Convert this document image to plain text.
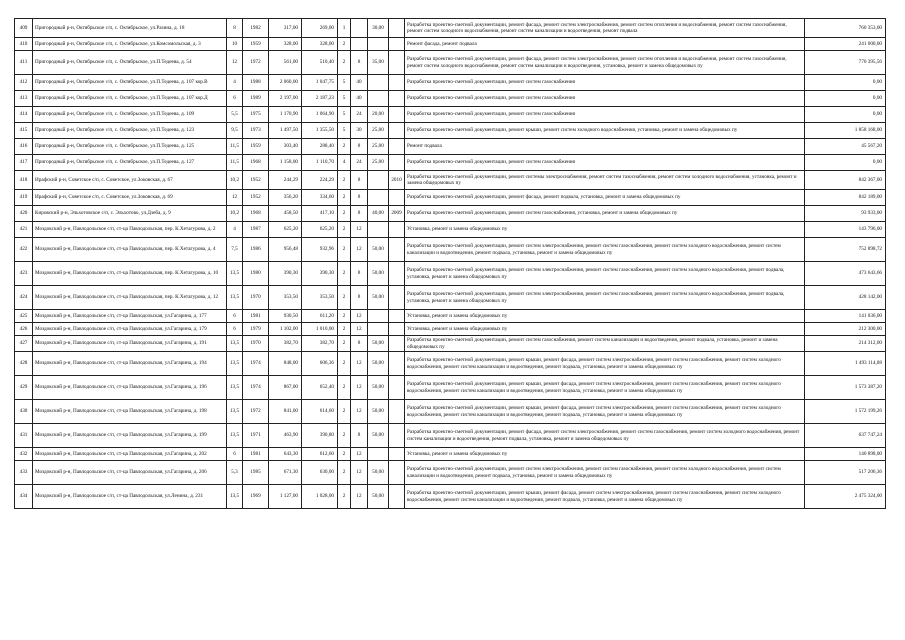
409	Пригородный р-н, Октябрьское с/п, с. Октябрьское, ул.Разина, д. 18	8	1982	317,00	269,00	1		30,00		Разработка проектно-сметной документации, ремонт фасада, ремонт систем электроснабжения, ремонт систем отопления и водоснабжения, ремонт систем газоснабжения, ремонт систем холодного водоснабжения, ремонт систем канализации и водоотведения, ремонт подвала	760 353,00
410	Пригородный р-н, Октябрьское с/п, с. Октябрьское, ул.Комсомольская, д. 3	10	1959	328,00	328,00	2				Ремонт фасада, ремонт подвала	241 000,00
411	Пригородный р-н, Октябрьское с/п, с. Октябрьское, ул.П.Тедеева, д. 54	12	1972	561,00	510,40	2	8	35,00		Разработка проектно-сметной документации, ремонт фасада, ремонт систем электроснабжения, ремонт систем отопления и водоснабжения, ремонт систем газоснабжения, ремонт систем холодного водоснабжения, ремонт систем канализации и водоотведения, установка, ремонт и замена общедомовых пу	770 395,56
412	Пригородный р-н, Октябрьское с/п, с. Октябрьское, ул.П.Тедеева, д. 107 кор.В	4	1988	2 060,00	1 047,75	5	40			Разработка проектно-сметной документации, ремонт систем газоснабжения	0,00
413	Пригородный р-н, Октябрьское с/п, с. Октябрьское, ул.П.Тедеева, д. 107 кор.Д	6	1989	2 197,00	2 187,23	5	40			Разработка проектно-сметной документации, ремонт систем газоснабжения	0,00
414	Пригородный р-н, Октябрьское с/п, с. Октябрьское, ул.П.Тедеева, д. 109	5,5	1975	1 170,90	1 064,90	5	24	20,00		Разработка проектно-сметной документации, ремонт систем газоснабжения	0,00
415	Пригородный р-н, Октябрьское с/п, с. Октябрьское, ул.П.Тедеева, д. 123	9,5	1973	1 497,50	1 355,50	5	30	25,00		Разработка проектно-сметной документации, ремонт крыши, ремонт систем холодного водоснабжения, установка, ремонт и замена общедомовых пу	1 858 168,00
416	Пригородный р-н, Октябрьское с/п, с. Октябрьское, ул.П.Тедеева, д. 125	11,5	1959	303,40	288,40	2	8	25,00		Ремонт подвала	45 567,20
417	Пригородный р-н, Октябрьское с/п, с. Октябрьское, ул.П.Тедеева, д. 127	11,5	1968	1 158,00	1 110,70	4	24	25,00		Разработка проектно-сметной документации, ремонт систем газоснабжения	0,00
418	Ирафский р-н, Советское с/п, с. Советское, ул.Зоковская, д. 67	10,2	1952	244,29	224,29	2	8		2010	Разработка проектно-сметной документации, ремонт системы электроснабжения, ремонт систем газоснабжения, ремонт систем холодного водоснабжения, установка, ремонт и замена общедомовых пу	842 367,00
419	Ирафский р-н, Советское с/п, с. Советское, ул.Зоковская, д. 69	12	1952	356,20	334,60	2	8			Разработка проектно-сметной документации, ремонт фасада, ремонт подвала, установка, ремонт и замена общедомовых пу	842 189,00
420	Кировский р-н, Эльхотовское с/п, с. Эльхотово, ул.Дзеба, д. 9	10,2	1968	458,50	417,10	2	8	40,00	2009	Разработка проектно-сметной документации, ремонт систем газоснабжения, установка, ремонт и замена общедомовых пу	93 933,00
421	Моздокский р-н, Павлодольское с/п, ст-ца Павлодольская, пер. К.Хетагурова, д. 2	4	1987	625,20	625,20	2	12			Установка, ремонт и замена общедомовых пу	143 796,00
422	Моздокский р-н, Павлодольское с/п, ст-ца Павлодольская, пер. К.Хетагурова, д. 4	7,5	1986	956,48	932,96	2	12	50,00		Разработка проектно-сметной документации, ремонт систем электроснабжения, ремонт систем газоснабжения, ремонт систем холодного водоснабжения, ремонт систем канализации и водоотведения, ремонт подвала, установка, ремонт и замена общедомовых пу	752 898,72
423	Моздокский р-н, Павлодольское с/п, ст-ца Павлодольская, пер. К.Хетагурова, д. 10	13,5	1980	390,30	390,30	2	8	50,00		Разработка проектно-сметной документации, ремонт систем электроснабжения, ремонт систем газоснабжения, ремонт систем холодного водоснабжения, ремонт подвала, установка, ремонт и замена общедомовых пу	473 643,66
424	Моздокский р-н, Павлодольское с/п, ст-ца Павлодольская, пер. К.Хетагурова, д. 12	13,5	1970	353,50	353,50	2	8	50,00		Разработка проектно-сметной документации, ремонт систем электроснабжения, ремонт систем газоснабжения, ремонт систем холодного водоснабжения, ремонт подвала, установка, ремонт и замена общедомовых пу	428 142,00
425	Моздокский р-н, Павлодольское с/п, ст-ца Павлодольская, ул.Гагарина, д. 177	6	1981	930,50	611,20	2	12			Установка, ремонт и замена общедомовых пу	141 036,00
426	Моздокский р-н, Павлодольское с/п, ст-ца Павлодольская, ул.Гагарина, д. 179	6	1979	1 102,00	1 010,00	2	12			Установка, ремонт и замена общедомовых пу	212 300,00
427	Моздокский р-н, Павлодольское с/п, ст-ца Павлодольская, ул.Гагарина, д. 191	13,5	1970	382,70	382,70	2	8	50,00		Разработка проектно-сметной документации, ремонт систем газоснабжения, ремонт систем канализации и водоотведения, ремонт подвала, установка, ремонт и замена общедомовых пу	214 312,00
428	Моздокский р-н, Павлодольское с/п, ст-ца Павлодольская, ул.Гагарина, д. 194	13,5	1974	848,00	606,36	2	12	50,00		Разработка проектно-сметной документации, ремонт крыши, ремонт фасада, ремонт систем электроснабжения, ремонт систем газоснабжения, ремонт систем холодного водоснабжения, ремонт систем канализации и водоотведения, ремонт подвала, установка, ремонт и замена общедомовых пу	1 493 114,08
429	Моздокский р-н, Павлодольское с/п, ст-ца Павлодольская, ул.Гагарина, д. 196	13,5	1974	867,00	652,40	2	12	50,00		Разработка проектно-сметной документации, ремонт крыши, ремонт фасада, ремонт систем электроснабжения, ремонт систем газоснабжения, ремонт систем холодного водоснабжения, ремонт систем канализации и водоотведения, ремонт подвала, установка, ремонт и замена общедомовых пу	1 573 387,20
430	Моздокский р-н, Павлодольское с/п, ст-ца Павлодольская, ул.Гагарина, д. 198	13,5	1972	841,00	614,60	2	12	50,00		Разработка проектно-сметной документации, ремонт крыши, ремонт фасада, ремонт систем электроснабжения, ремонт систем газоснабжения, ремонт систем холодного водоснабжения, ремонт систем канализации и водоотведения, ремонт подвала, установка, ремонт и замена общедомовых пу	1 572 199,26
431	Моздокский р-н, Павлодольское с/п, ст-ца Павлодольская, ул.Гагарина, д. 199	13,5	1971	463,90	390,80	2	8	50,00		Разработка проектно-сметной документации, ремонт фасада, ремонт систем электроснабжения, ремонт систем газоснабжения, ремонт систем холодного водоснабжения, ремонт систем канализации и водоотведения, ремонт подвала, установка, ремонт и замена общедомовых пу	637 747,24
432	Моздокский р-н, Павлодольское с/п, ст-ца Павлодольская, ул.Гагарина, д. 202	6	1981	643,30	612,60	2	12			Установка, ремонт и замена общедомовых пу	140 898,00
433	Моздокский р-н, Павлодольское с/п, ст-ца Павлодольская, ул.Гагарина, д. 206	5,3	1985	671,30	630,00	2	12	50,00		Разработка проектно-сметной документации, ремонт систем электроснабжения, ремонт систем газоснабжения, ремонт систем холодного водоснабжения, ремонт систем канализации и водоотведения, ремонт подвала, установка, ремонт и замена общедомовых пу	517 206,36
434	Моздокский р-н, Павлодольское с/п, ст-ца Павлодольская, ул.Ленина, д. 231	13,5	1969	1 127,00	1 028,00	2	12	50,00		Разработка проектно-сметной документации, ремонт крыши, ремонт фасада, ремонт систем электроснабжения, ремонт систем газоснабжения, ремонт систем холодного водоснабжения, ремонт систем канализации и водоотведения, ремонт подвала, установка, ремонт и замена общедомовых пу	2 475 324,00
